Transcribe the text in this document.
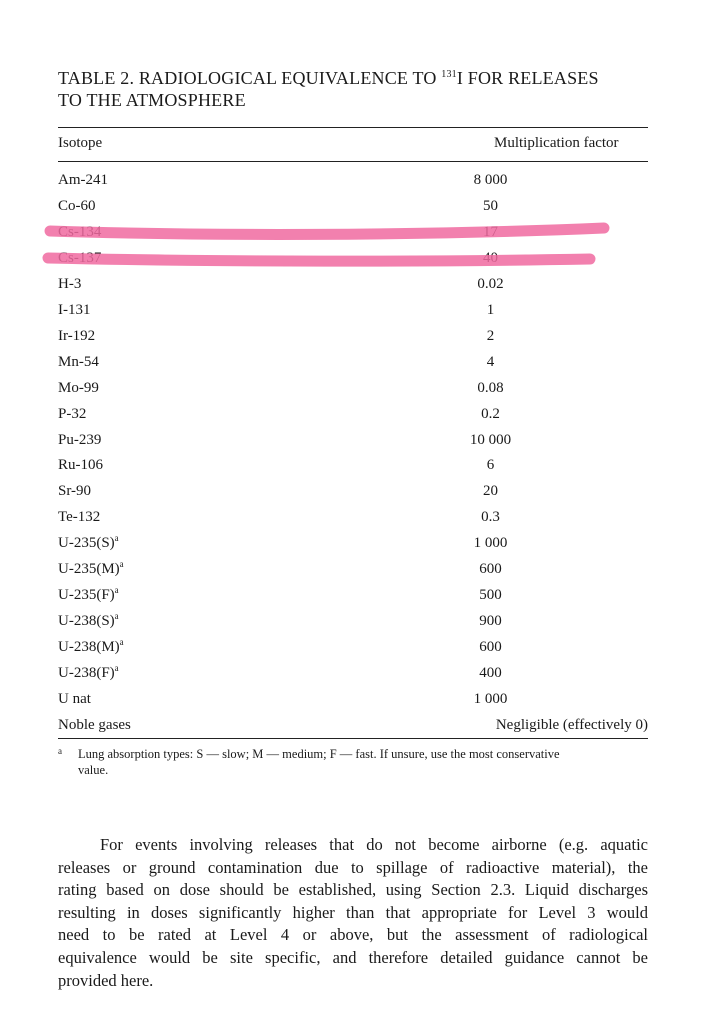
TABLE 2. RADIOLOGICAL EQUIVALENCE TO $^{131}$I FOR RELEASES
TO THE ATMOSPHERE
Isotope	Multiplication factor
Am-241	8 000
Co-60	50
Cs-134	17
Cs-137	40
H-3	0.02
I-131	1
Ir-192	2
Mn-54	4
Mo-99	0.08
P-32	0.2
Pu-239	10 000
Ru-106	6
Sr-90	20
Te-132	0.3
$U-235(S)^a$	1 000
$U-235(M)^a$	600
$U-235(F)^a$	500
$U-238(S)^a$	900
$U-238(M)^a$	600
$U-238(F)^a$	400
U nat	1 000
Noble gases	Negligible (effectively 0)
a Lung absorption types: S — slow; M — medium; F — fast. If unsure, use the most conservative
value.
For events involving releases that do not become airborne (e.g. aquatic
releases or ground contamination due to spillage of radioactive material), the
rating based on dose should be established, using Section 2.3. Liquid discharges
resulting in doses significantly higher than that appropriate for Level 3 would
need to be rated at Level 4 or above, but the assessment of radiological
equivalence would be site specific, and therefore detailed guidance cannot be
provided here.
